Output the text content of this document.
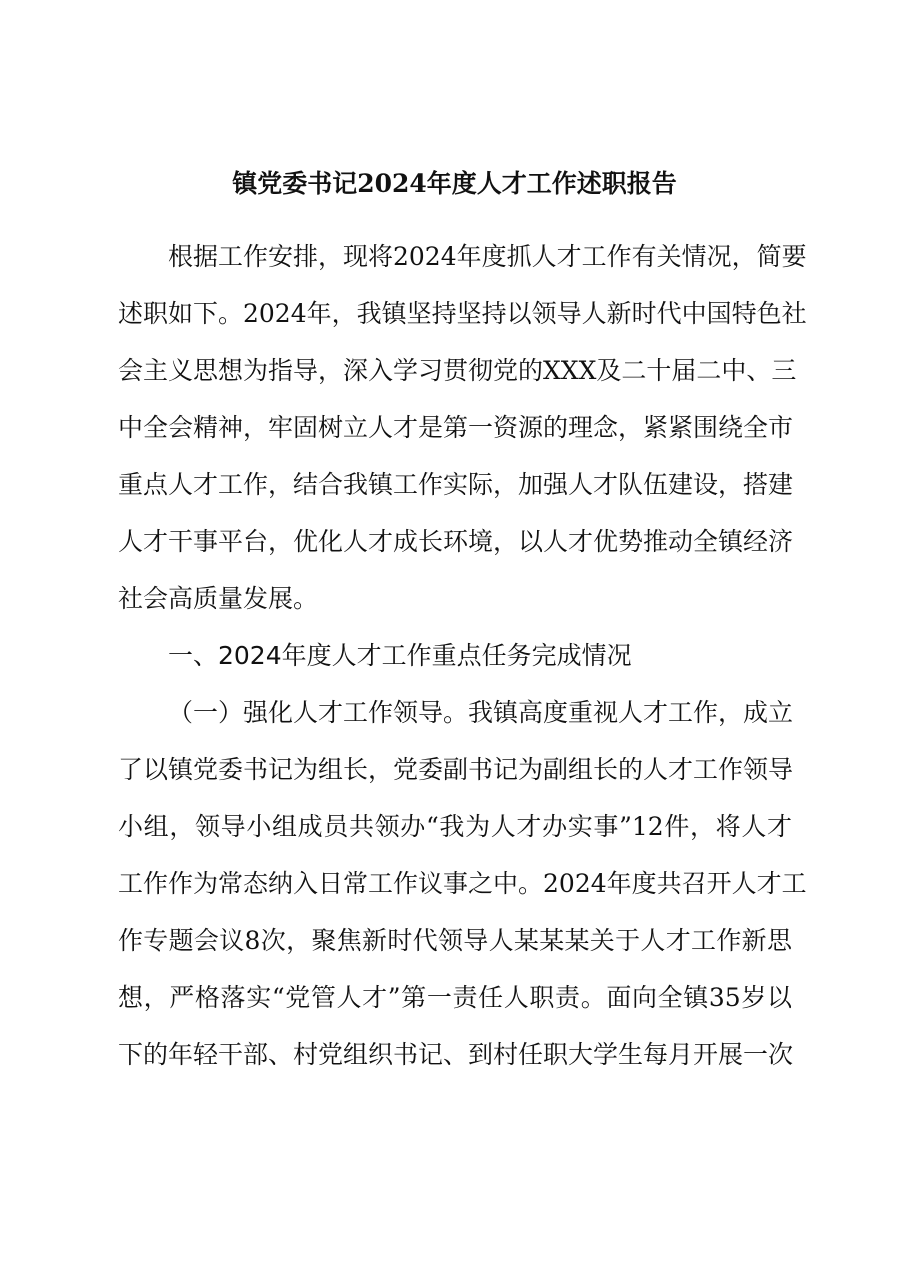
镇党委书记2024年度人才工作述职报告
根据工作安排，现将2024年度抓人才工作有关情况，简要
述职如下。2024年，我镇坚持坚持以领导人新时代中国特色社
会主义思想为指导，深入学习贯彻党的XXX及二十届二中、三
中全会精神，牢固树立人才是第一资源的理念，紧紧围绕全市
重点人才工作，结合我镇工作实际，加强人才队伍建设，搭建
人才干事平台，优化人才成长环境，以人才优势推动全镇经济
社会高质量发展。
一、2024年度人才工作重点任务完成情况
（一）强化人才工作领导。我镇高度重视人才工作，成立
了以镇党委书记为组长，党委副书记为副组长的人才工作领导
小组，领导小组成员共领办“我为人才办实事”12件，将人才
工作作为常态纳入日常工作议事之中。2024年度共召开人才工
作专题会议8次，聚焦新时代领导人某某某关于人才工作新思
想，严格落实“党管人才”第一责任人职责。面向全镇35岁以
下的年轻干部、村党组织书记、到村任职大学生每月开展一次
